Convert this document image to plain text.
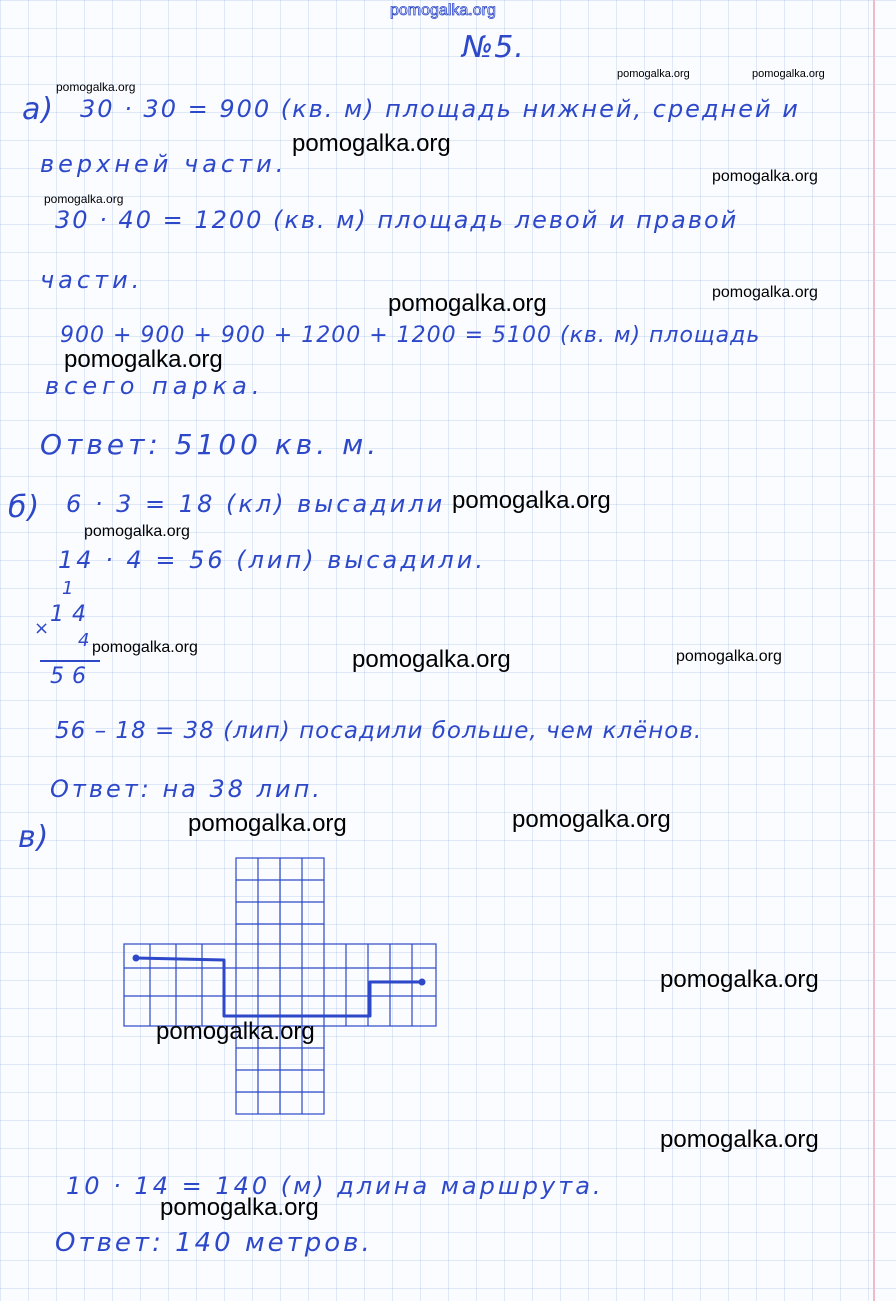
pomogalka.org
№5.
а) 30 · 30 = 900 (кв. м) площадь нижней, средней и
верхней части.
30 · 40 = 1200 (кв. м) площадь левой и правой
части.
900 + 900 + 900 + 1200 + 1200 = 5100 (кв. м) площадь
всего парка.
Ответ: 5100 кв. м.
б) 6 · 3 = 18 (кл) высадили
14 · 4 = 56 (лип) высадили.
1
×
14
4
56
56 – 18 = 38 (лип) посадили больше, чем клёнов.
Ответ: на 38 лип.
в)
10 · 14 = 140 (м) длина маршрута.
Ответ: 140 метров.
pomogalka.org
pomogalka.org	pomogalka.org
pomogalka.org
pomogalka.org
pomogalka.org
pomogalka.org	pomogalka.org
pomogalka.org
pomogalka.org
pomogalka.org
pomogalka.org	pomogalka.org	pomogalka.org
pomogalka.org	pomogalka.org
pomogalka.org
pomogalka.org
pomogalka.org
pomogalka.org
